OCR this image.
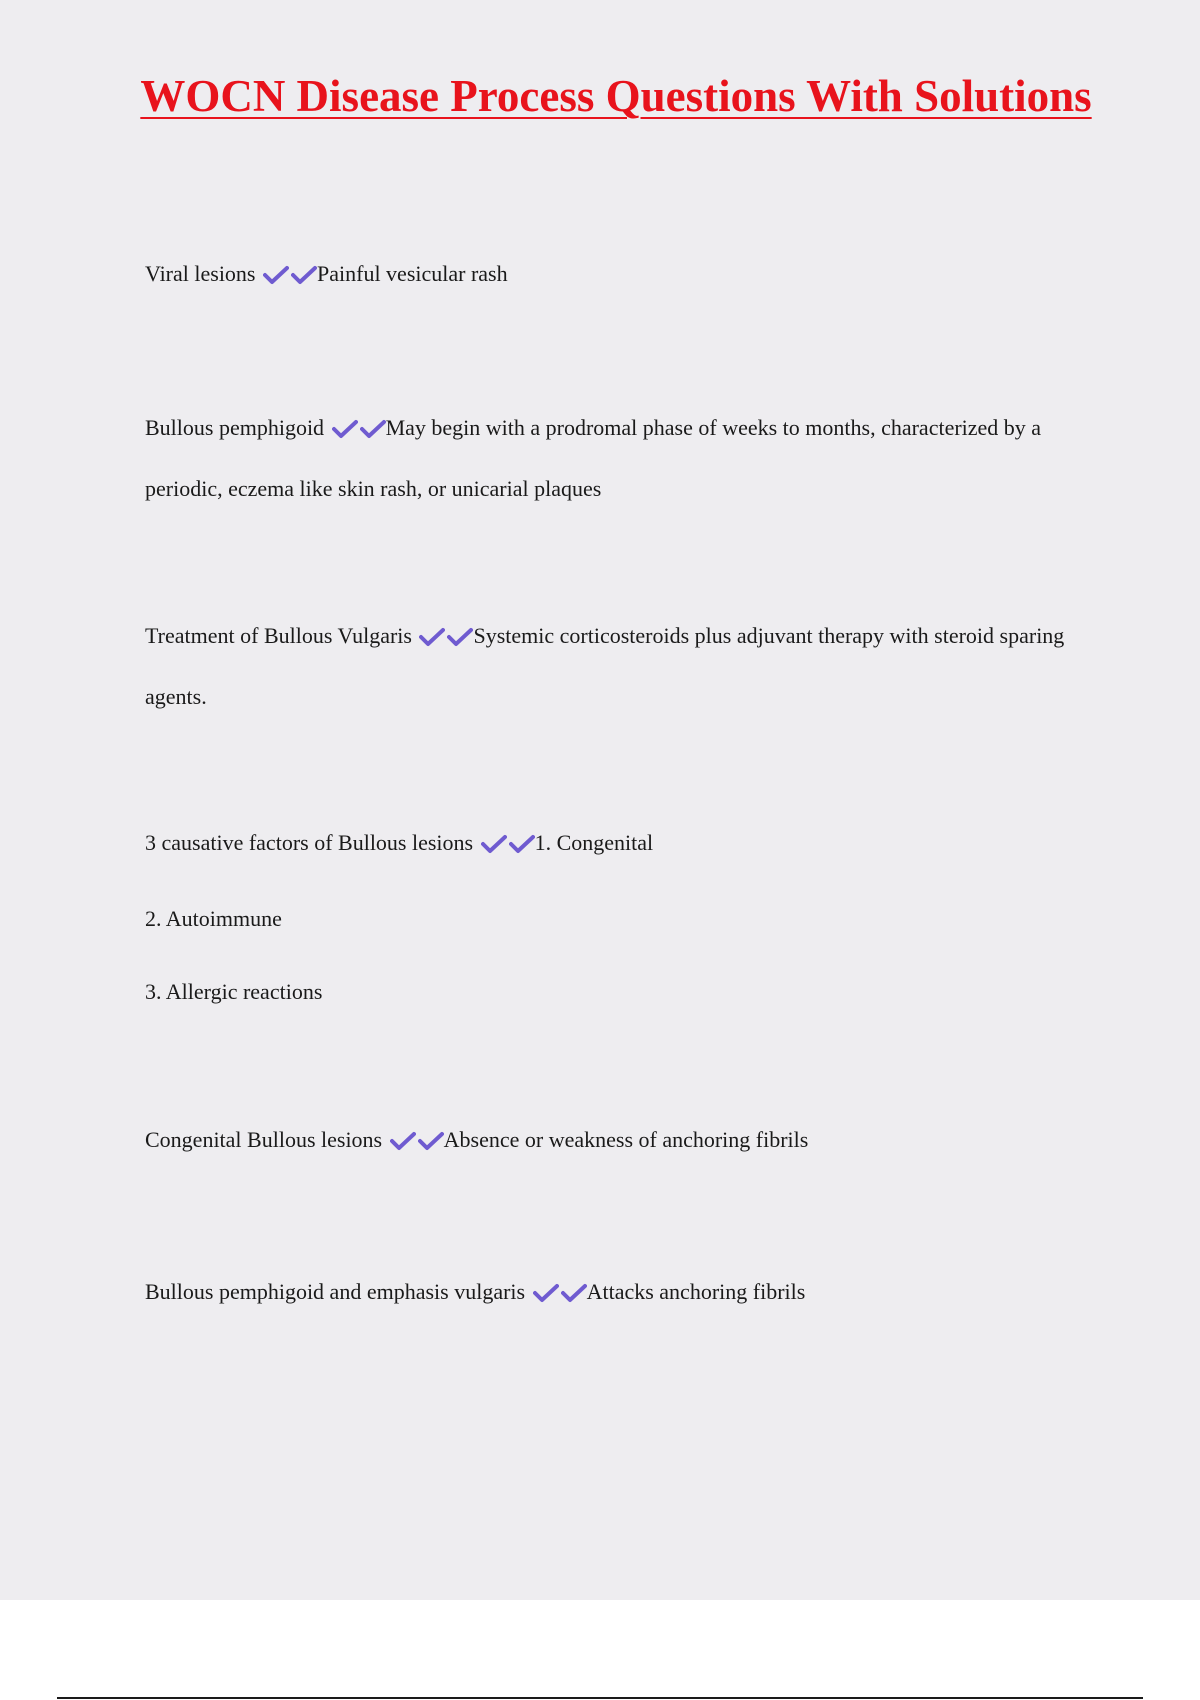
WOCN Disease Process Questions With Solutions

Viral lesions	Painful vesicular rash

Bullous pemphigoid	May begin with a prodromal phase of weeks to months, characterized by a periodic, eczema like skin rash, or unicarial plaques

Treatment of Bullous Vulgaris	Systemic corticosteroids plus adjuvant therapy with steroid sparing agents.

3 causative factors of Bullous lesions	1. Congenital

2. Autoimmune

3. Allergic reactions

Congenital Bullous lesions	Absence or weakness of anchoring fibrils

Bullous pemphigoid and emphasis vulgaris	Attacks anchoring fibrils
